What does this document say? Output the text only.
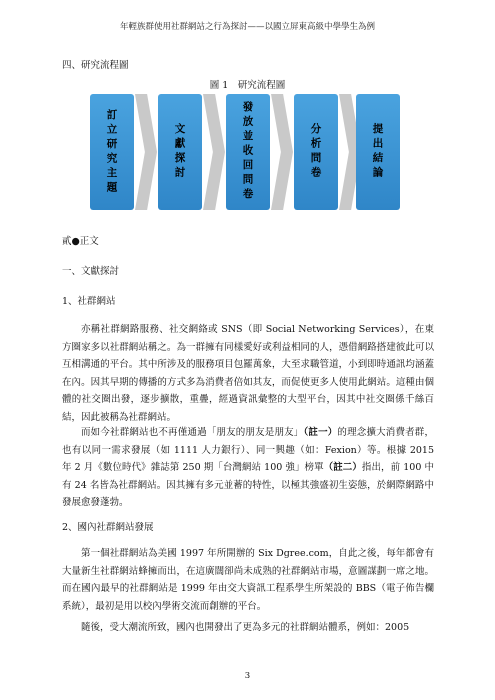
年輕族群使用社群網站之行為探討——以國立屏東高級中學學生為例
四、研究流程圖
圖 1　研究流程圖
訂立研究主題	文獻探討	發放並收回問卷	分析問卷	提出結論
貳●正文
一、文獻探討
1、社群網站

亦稱社群網路服務、社交網絡或 SNS（即 Social Networking Services），在東方圈家多以社群網站稱之。為一群擁有同樣愛好或利益相同的人，憑借網路搭建彼此可以互相溝通的平台。其中所涉及的服務項目包羅萬象，大至求職管道，小到即時通訊均涵蓋在內。因其早期的傳播的方式多為消費者倍如其友，而促使更多人使用此網站。這種由個體的社交圈出發，逐步擴散，重疊，經過資訊彙整的大型平台，因其中社交圈係千絲百結，因此被稱為社群網站。

而如今社群網站也不再僅通過「朋友的朋友是朋友」（註一）的理念擴大消費者群，也有以同一需求發展（如 1111 人力銀行）、同一興趣（如：Fexion）等。根據 2015 年 2 月《數位時代》雜誌第 250 期「台灣網站 100 強」榜單（註二）指出，前 100 中有 24 名皆為社群網站。因其擁有多元並蓄的特性，以極其強盛初生姿態，於網際網路中發展愈發蓬勃。

2、國內社群網站發展

第一個社群網站為美國 1997 年所開辦的 Six Dgree.com，自此之後，每年都會有大量新生社群網站蜂擁而出，在這廣闊卻尚未成熟的社群網站市場，意圖謀劃一席之地。而在國內最早的社群網站是 1999 年由交大資訊工程系學生所架設的 BBS（電子佈告欄系統），最初是用以校內學術交流而創辦的平台。

隨後，受大潮流所致，國內也開發出了更為多元的社群網站體系，例如：2005

3
